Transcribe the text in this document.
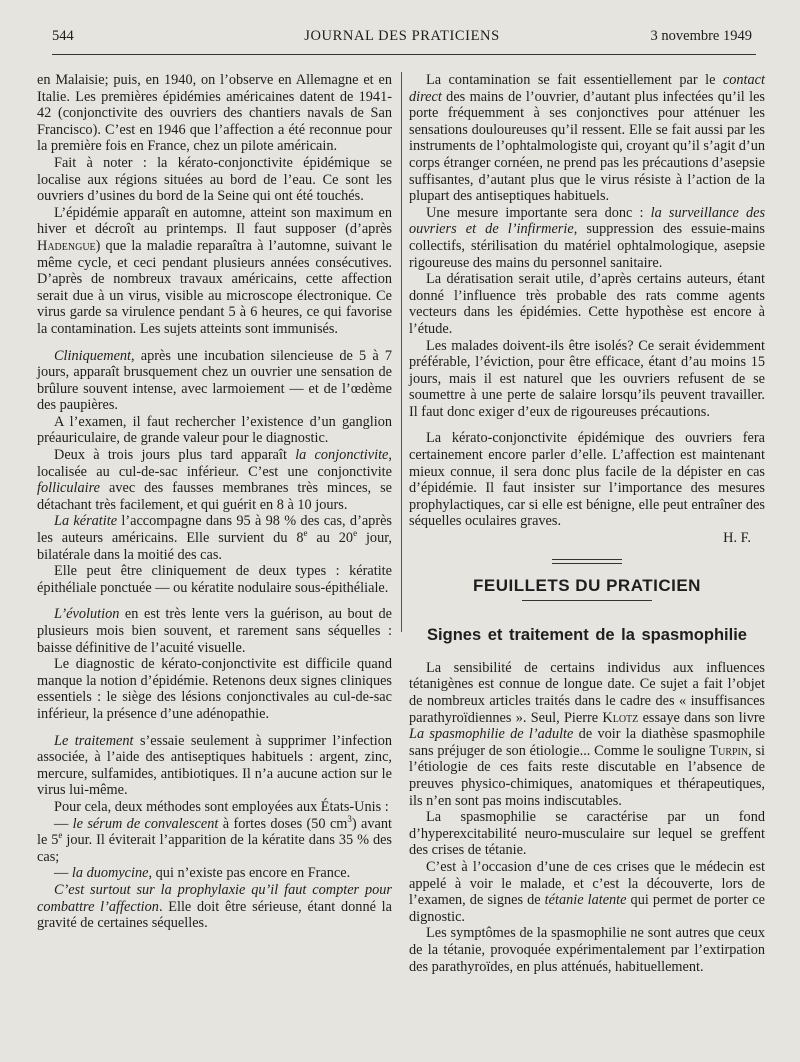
544	JOURNAL DES PRATICIENS	3 novembre 1949

en Malaisie; puis, en 1940, on l’observe en Allemagne et en Italie. Les premières épidémies américaines datent de 1941-42 (conjonctivite des ouvriers des chantiers navals de San Francisco). C’est en 1946 que l’affection a été reconnue pour la première fois en France, chez un pilote américain.

Fait à noter : la kérato-conjonctivite épidémique se localise aux régions situées au bord de l’eau. Ce sont les ouvriers d’usines du bord de la Seine qui ont été touchés.

L’épidémie apparaît en automne, atteint son maximum en hiver et décroît au printemps. Il faut supposer (d’après Hadengue) que la maladie reparaîtra à l’automne, suivant le même cycle, et ceci pendant plusieurs années consécutives. D’après de nombreux travaux américains, cette affection serait due à un virus, visible au microscope électronique. Ce virus garde sa virulence pendant 5 à 6 heures, ce qui favorise la contamination. Les sujets atteints sont immunisés.

Cliniquement, après une incubation silencieuse de 5 à 7 jours, apparaît brusquement chez un ouvrier une sensation de brûlure souvent intense, avec larmoiement — et de l’œdème des paupières.

A l’examen, il faut rechercher l’existence d’un ganglion préauriculaire, de grande valeur pour le diagnostic.

Deux à trois jours plus tard apparaît la conjonctivite, localisée au cul-de-sac inférieur. C’est une conjonctivite folliculaire avec des fausses membranes très minces, se détachant très facilement, et qui guérit en 8 à 10 jours.

La kératite l’accompagne dans 95 à 98 % des cas, d’après les auteurs américains. Elle survient du 8e au 20e jour, bilatérale dans la moitié des cas.

Elle peut être cliniquement de deux types : kératite épithéliale ponctuée — ou kératite nodulaire sous-épithéliale.

L’évolution en est très lente vers la guérison, au bout de plusieurs mois bien souvent, et rarement sans séquelles : baisse définitive de l’acuité visuelle.

Le diagnostic de kérato-conjonctivite est difficile quand manque la notion d’épidémie. Retenons deux signes cliniques essentiels : le siège des lésions conjonctivales au cul-de-sac inférieur, la présence d’une adénopathie.

Le traitement s’essaie seulement à supprimer l’infection associée, à l’aide des antiseptiques habituels : argent, zinc, mercure, sulfamides, antibiotiques. Il n’a aucune action sur le virus lui-même.

Pour cela, deux méthodes sont employées aux États-Unis :

— le sérum de convalescent à fortes doses (50 $cm^3$) avant le 5e jour. Il éviterait l’apparition de la kératite dans 35 % des cas;

— la duomycine, qui n’existe pas encore en France.

C’est surtout sur la prophylaxie qu’il faut compter pour combattre l’affection. Elle doit être sérieuse, étant donné la gravité de certaines séquelles.

La contamination se fait essentiellement par le contact direct des mains de l’ouvrier, d’autant plus infectées qu’il les porte fréquemment à ses conjonctives pour atténuer les sensations douloureuses qu’il ressent. Elle se fait aussi par les instruments de l’ophtalmologiste qui, croyant qu’il s’agit d’un corps étranger cornéen, ne prend pas les précautions d’asepsie suffisantes, d’autant plus que le virus résiste à l’action de la plupart des antiseptiques habituels.

Une mesure importante sera donc : la surveillance des ouvriers et de l’infirmerie, suppression des essuie-mains collectifs, stérilisation du matériel ophtalmologique, asepsie rigoureuse des mains du personnel sanitaire.

La dératisation serait utile, d’après certains auteurs, étant donné l’influence très probable des rats comme agents vecteurs dans les épidémies. Cette hypothèse est encore à l’étude.

Les malades doivent-ils être isolés? Ce serait évidemment préférable, l’éviction, pour être efficace, étant d’au moins 15 jours, mais il est naturel que les ouvriers refusent de se soumettre à une perte de salaire lorsqu’ils peuvent travailler. Il faut donc exiger d’eux de rigoureuses précautions.

La kérato-conjonctivite épidémique des ouvriers fera certainement encore parler d’elle. L’affection est maintenant mieux connue, il sera donc plus facile de la dépister en cas d’épidémie. Il faut insister sur l’importance des mesures prophylactiques, car si elle est bénigne, elle peut entraîner des séquelles oculaires graves.

H. F.

FEUILLETS DU PRATICIEN
Signes et traitement de la spasmophilie

La sensibilité de certains individus aux influences tétanigènes est connue de longue date. Ce sujet a fait l’objet de nombreux articles traités dans le cadre des « insuffisances parathyroïdiennes ». Seul, Pierre Klotz essaye dans son livre La spasmophilie de l’adulte de voir la diathèse spasmophile sans préjuger de son étiologie... Comme le souligne Turpin, si l’étiologie de ces faits reste discutable en l’absence de preuves physico-chimiques, anatomiques et thérapeutiques, ils n’en sont pas moins indiscutables.

La spasmophilie se caractérise par un fond d’hyperexcitabilité neuro-musculaire sur lequel se greffent des crises de tétanie.

C’est à l’occasion d’une de ces crises que le médecin est appelé à voir le malade, et c’est la découverte, lors de l’examen, de signes de tétanie latente qui permet de porter ce dignostic.

Les symptômes de la spasmophilie ne sont autres que ceux de la tétanie, provoquée expérimentalement par l’extirpation des parathyroïdes, en plus atténués, habituellement.
